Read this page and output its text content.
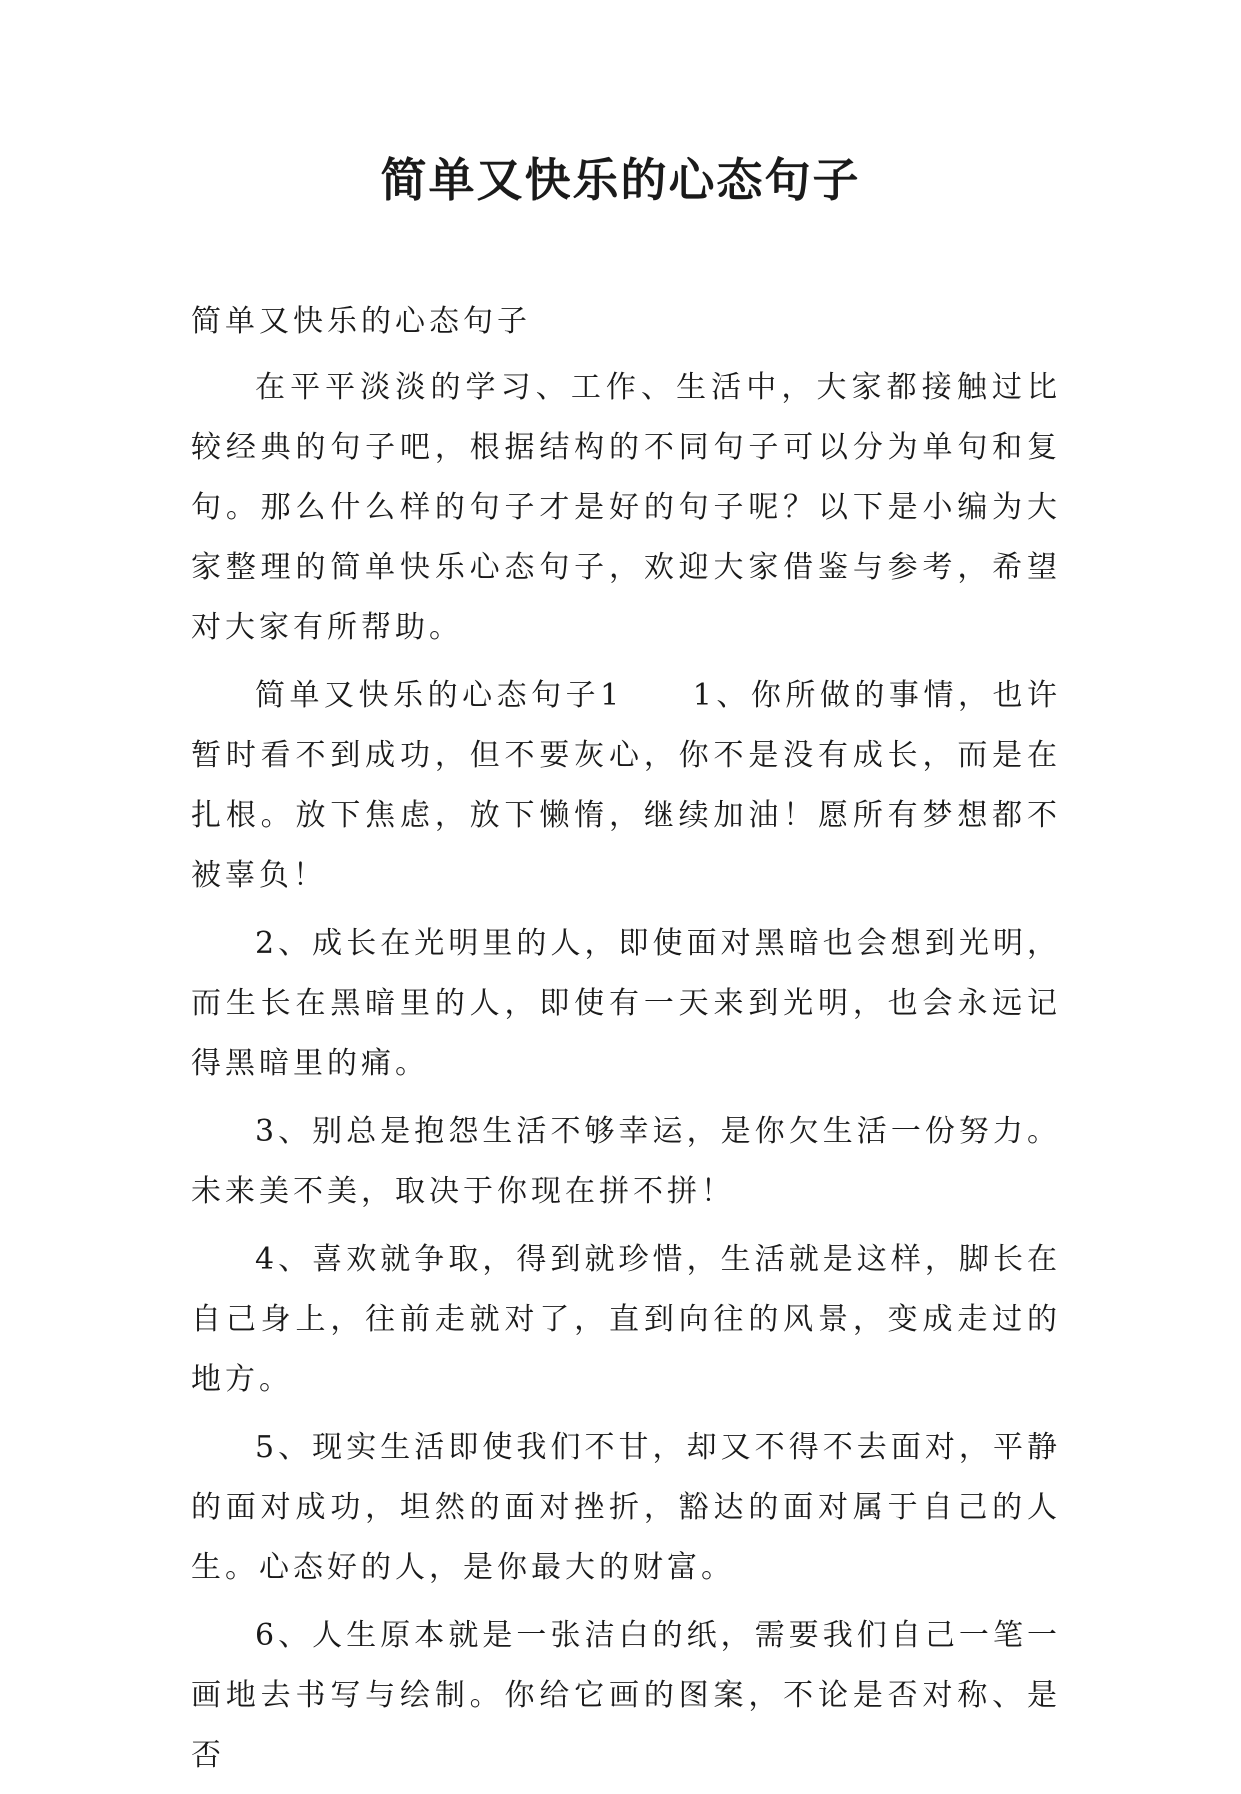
简单又快乐的心态句子

简单又快乐的心态句子

在平平淡淡的学习、工作、生活中，大家都接触过比较经典的句子吧，根据结构的不同句子可以分为单句和复句。那么什么样的句子才是好的句子呢？以下是小编为大家整理的简单快乐心态句子，欢迎大家借鉴与参考，希望对大家有所帮助。

简单又快乐的心态句子1　　1、你所做的事情，也许暂时看不到成功，但不要灰心，你不是没有成长，而是在扎根。放下焦虑，放下懒惰，继续加油！愿所有梦想都不被辜负！

2、成长在光明里的人，即使面对黑暗也会想到光明，而生长在黑暗里的人，即使有一天来到光明，也会永远记得黑暗里的痛。

3、别总是抱怨生活不够幸运，是你欠生活一份努力。未来美不美，取决于你现在拼不拼！

4、喜欢就争取，得到就珍惜，生活就是这样，脚长在自己身上，往前走就对了，直到向往的风景，变成走过的地方。

5、现实生活即使我们不甘，却又不得不去面对，平静的面对成功，坦然的面对挫折，豁达的面对属于自己的人生。心态好的人，是你最大的财富。

6、人生原本就是一张洁白的纸，需要我们自己一笔一画地去书写与绘制。你给它画的图案，不论是否对称、是否
